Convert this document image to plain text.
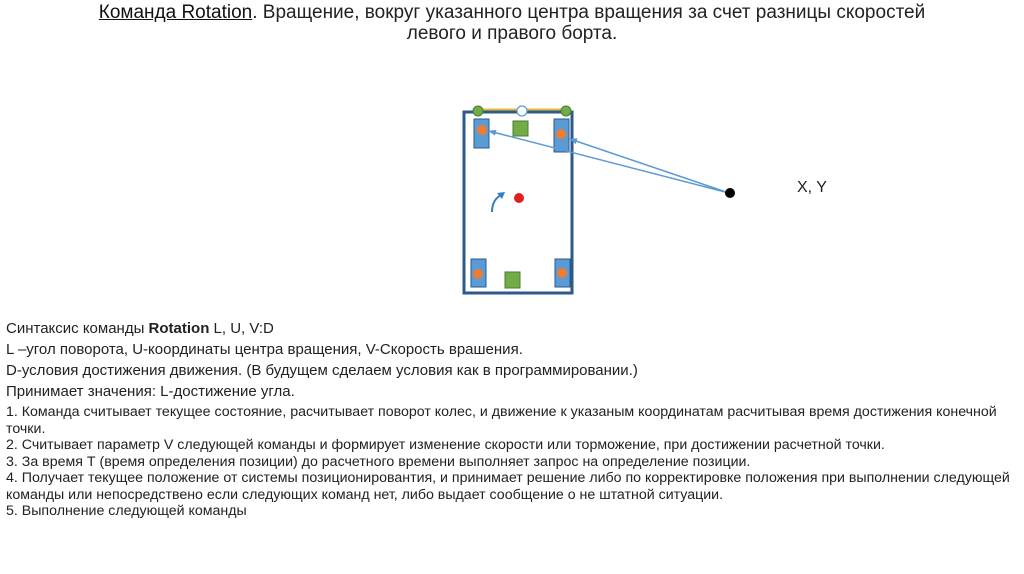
Команда Rotation. Вращение, вокруг указанного центра вращения за счет разницы скоростей
левого и правого борта.
X, Y
Синтаксис команды Rotation L, U, V:D
L –угол поворота, U-координаты центра вращения, V-Скорость врашения.
D-условия достижения движения. (В будущем сделаем условия как в программировании.)
Принимает значения: L-достижение угла.

1. Команда считывает текущее состояние, расчитывает поворот колес, и движение к указаным координатам расчитывая время достижения конечной точки.

2. Считывает параметр V следующей команды и формирует изменение скорости или торможение, при достижении расчетной точки.

3. За время Т (время определения позиции) до расчетного времени выполняет запрос на определение позиции.

4. Получает текущее положение от системы позиционировантия, и принимает решение либо по корректировке положения при выполнении следующей команды или непосредствено если следующих команд нет, либо выдает сообщение о не штатной ситуации.

5. Выполнение следующей команды
